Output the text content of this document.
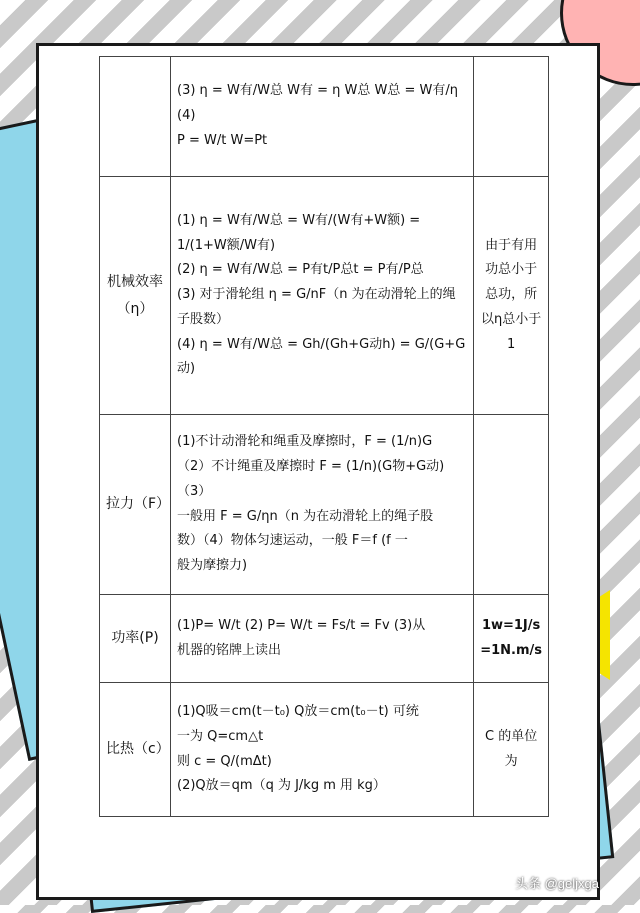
	(3) η = W有/W总 W有 = η W总 W总 = W有/η (4)
P = W/t W=Pt	

机械效率（η）	(1) η = W有/W总 = W有/(W有+W额) = 1/(1+W额/W有)
(2) η = W有/W总 = P有t/P总t = P有/P总
(3) 对于滑轮组 η = G/nF（n 为在动滑轮上的绳子股数）
(4) η = W有/W总 = Gh/(Gh+G动h) = G/(G+G动)	由于有用功总小于总功，所以η总小于 1
拉力（F）	(1)不计动滑轮和绳重及摩擦时，F = (1/n)G
（2）不计绳重及摩擦时 F = (1/n)(G物+G动)（3）
一般用 F = G/ηn（n 为在动滑轮上的绳子股
数）（4）物体匀速运动，一般 F＝f (f 一
般为摩擦力)	

功率(P)	(1)P= W/t (2) P= W/t = Fs/t = Fv (3)从
机器的铭牌上读出	1w=1J/s =1N.m/s
比热（c）	(1)Q吸＝cm(t－t₀) Q放＝cm(t₀－t) 可统
一为 Q=cm△t
则 c = Q/(mΔt)
(2)Q放＝qm（q 为 J/kg m 用 kg）	C 的单位为
头条 @geljxga
